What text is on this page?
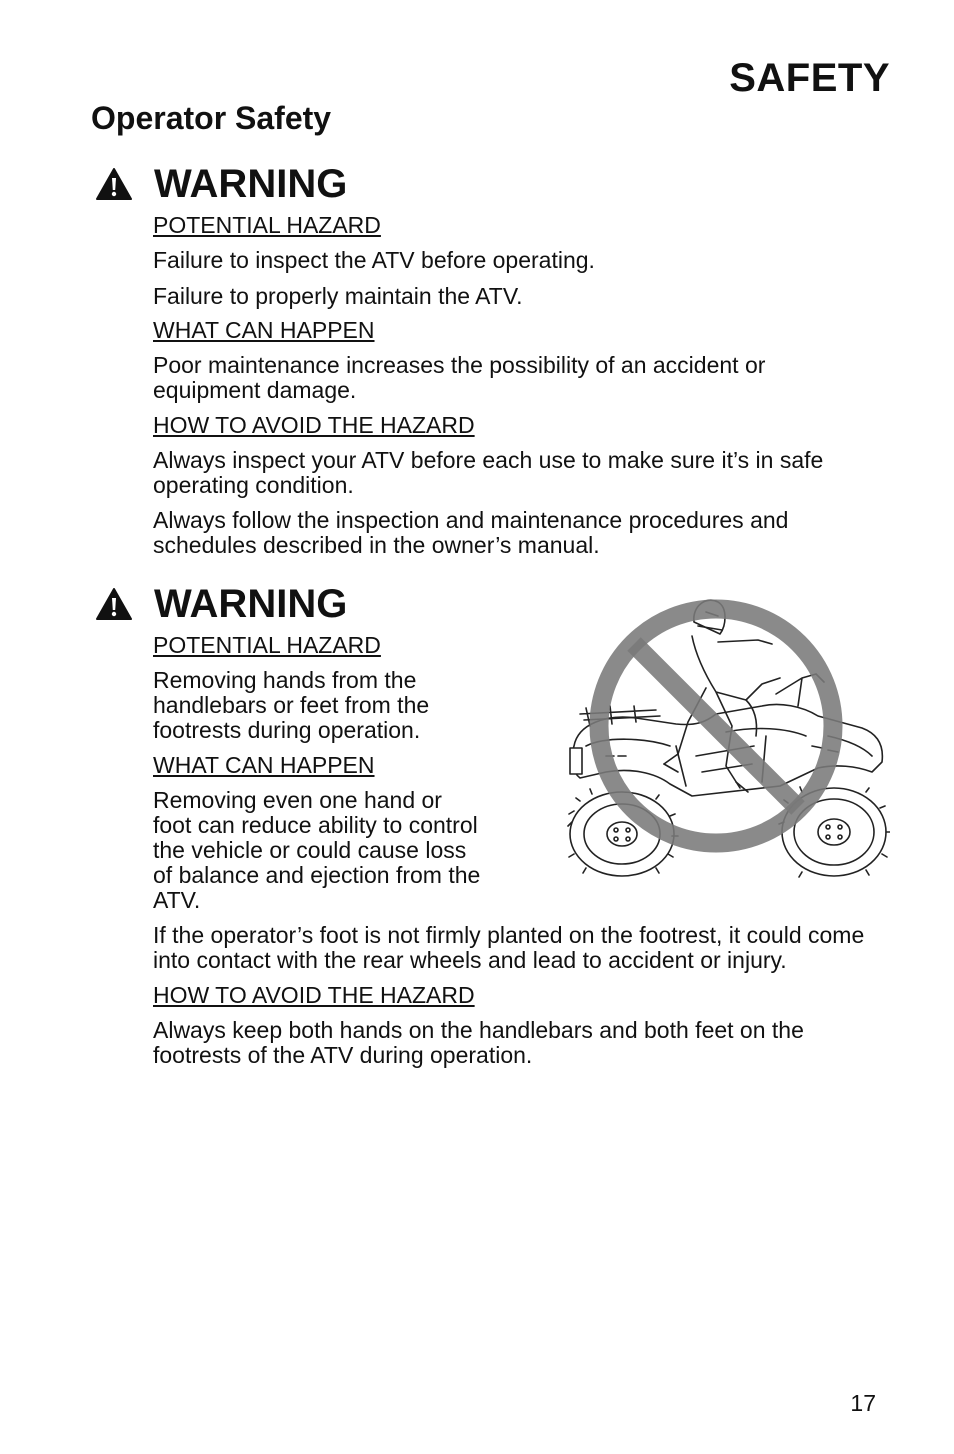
SAFETY
Operator Safety
WARNING

POTENTIAL HAZARD

Failure to inspect the ATV before operating.

Failure to properly maintain the ATV.

WHAT CAN HAPPEN

Poor maintenance increases the possibility of an accident or equipment damage.

HOW TO AVOID THE HAZARD

Always inspect your ATV before each use to make sure it’s in safe operating condition.

Always follow the inspection and maintenance procedures and schedules described in the owner’s manual.

WARNING

POTENTIAL HAZARD

Removing hands from the handlebars or feet from the footrests during operation.

WHAT CAN HAPPEN

Removing even one hand or foot can reduce ability to control the vehicle or could cause loss of balance and ejection from the ATV.

If the operator’s foot is not firmly planted on the footrest, it could come into contact with the rear wheels and lead to accident or injury.

HOW TO AVOID THE HAZARD

Always keep both hands on the handlebars and both feet on the footrests of the ATV during operation.

17
